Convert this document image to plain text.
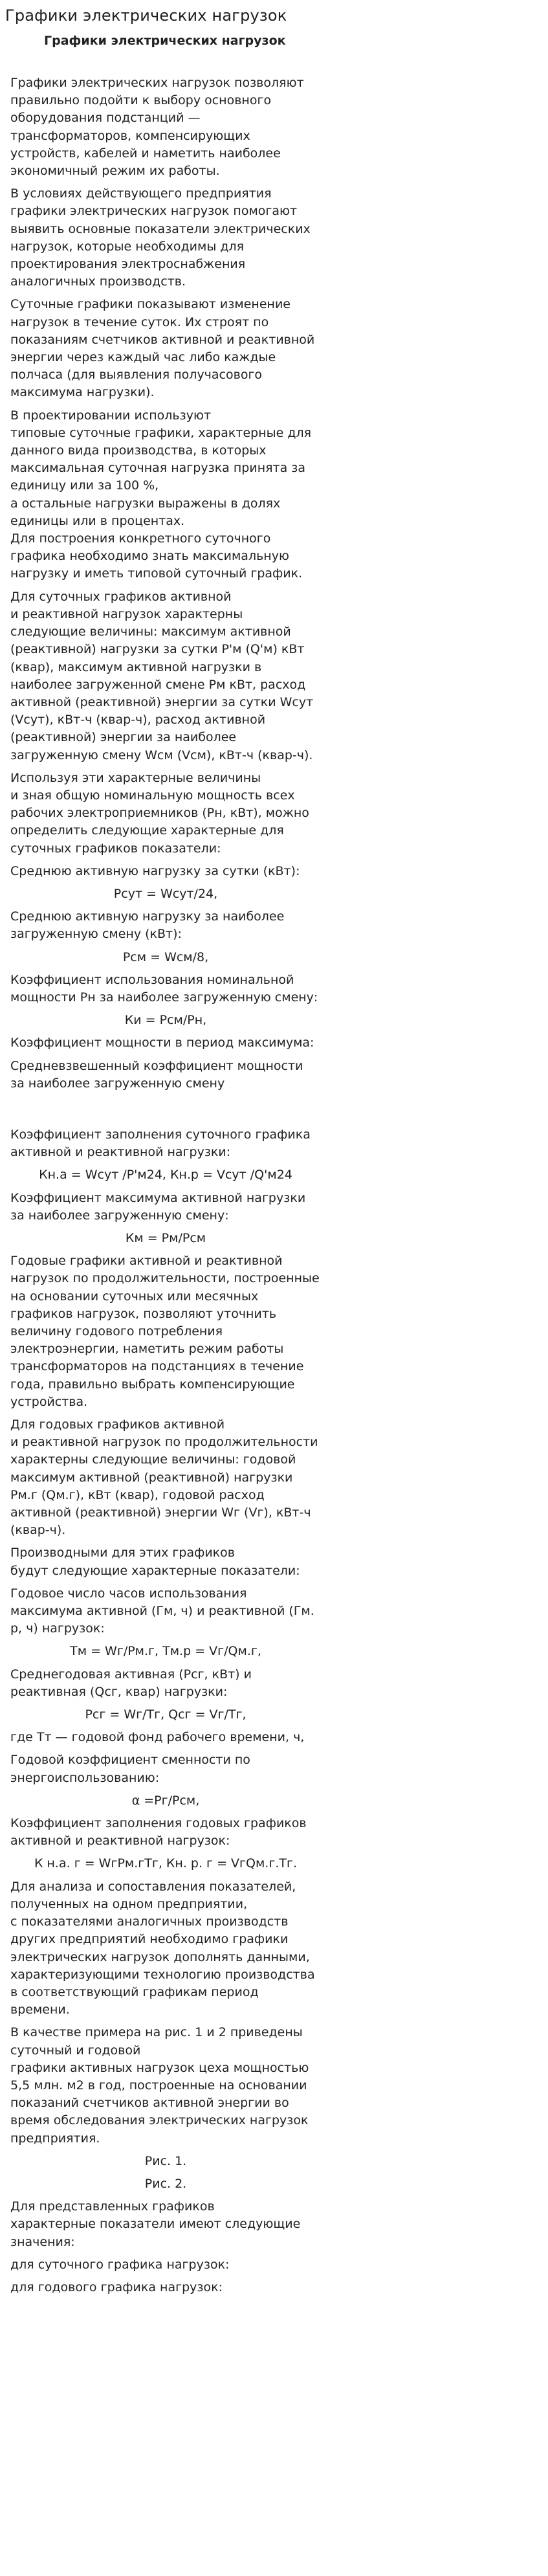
Графики электрических нагрузок
Графики электрических нагрузок

Графики электрических нагрузок позволяют правильно подойти к выбору основного оборудования подстанций — трансформаторов, компенсирующих устройств, кабелей и наметить наиболее экономичный режим их работы.

В условиях действующего предприятия графики электрических нагрузок помогают выявить основные показатели электрических нагрузок, которые необходимы для проектирования электроснабжения
аналогичных производств.

Суточные графики показывают изменение нагрузок в течение суток. Их строят по показаниям счетчиков активной и реактивной энергии через каждый час либо каждые полчаса (для выявления получасового максимума нагрузки).

В проектировании используют
типовые суточные графики, характерные для данного вида производства, в которых максимальная суточная нагрузка принята за единицу или за 100 %,
а остальные нагрузки выражены в долях единицы или в процентах.
Для построения конкретного суточного графика необходимо знать максимальную нагрузку и иметь типовой суточный график.

Для суточных графиков активной
и реактивной нагрузок характерны следующие величины: максимум активной (реактивной) нагрузки за сутки Р'м (Q'м) кВт (квар), максимум активной нагрузки в наиболее загруженной смене Рм кВт, расход активной (реактивной) энергии за сутки Wсут (Vсут), кВт-ч (квар-ч), расход активной (реактивной) энергии за наиболее загруженную смену Wсм (Vсм), кВт-ч (квар-ч).

Используя эти характерные величины
и зная общую номинальную мощность всех рабочих электроприемников (Рн, кВт), можно определить следующие характерные для суточных графиков показатели:

Среднюю активную нагрузку за сутки (кВт):

Рсут = Wсут/24,

Среднюю активную нагрузку за наиболее загруженную смену (кВт):

Рсм = Wсм/8,

Коэффициент использования номинальной мощности Рн за наиболее загруженную смену:

Ки = Рсм/Рн,

Коэффициент мощности в период максимума:

Средневзвешенный коэффициент мощности за наиболее загруженную смену

Коэффициент заполнения суточного графика активной и реактивной нагрузки:

Кн.а = Wсут /Р'м24, Кн.р = Vсут /Q'м24

Коэффициент максимума активной нагрузки за наиболее загруженную смену:

Км = Рм/Рсм

Годовые графики активной и реактивной нагрузок по продолжительности, построенные на основании суточных или месячных графиков нагрузок, позволяют уточнить величину годового потребления электроэнергии, наметить режим работы трансформаторов на подстанциях в течение года, правильно выбрать компенсирующие устройства.

Для годовых графиков активной
и реактивной нагрузок по продолжительности характерны следующие величины: годовой максимум активной (реактивной) нагрузки Рм.г (Qм.г), кВт (квар), годовой расход активной (реактивной) энергии Wг (Vг), кВт-ч (квар-ч).

Производными для этих графиков
будут следующие характерные показатели:

Годовое число часов использования максимума активной (Гм, ч) и реактивной (Гм. р, ч) нагрузок:

Тм = Wг/Рм.г, Тм.р = Vг/Qм.г,

Среднегодовая активная (Рсг, кВт) и реактивная (Qсг, квар) нагрузки:

Рсг = Wг/Тг, Qсг = Vг/Тг,

где Тт — годовой фонд рабочего времени, ч,

Годовой коэффициент сменности по энергоиспользованию:

α =Рг/Рсм,

Коэффициент заполнения годовых графиков активной и реактивной нагрузок:

К н.а. г = WгРм.гТг, Кн. р. г = VгQм.г.Тг.

Для анализа и сопоставления показателей, полученных на одном предприятии,
с показателями аналогичных производств других предприятий необходимо графики электрических нагрузок дополнять данными, характеризующими технологию производства в соответствующий графикам период времени.

В качестве примера на рис. 1 и 2 приведены суточный и годовой
графики активных нагрузок цеха мощностью 5,5 млн. м2 в год, построенные на основании показаний счетчиков активной энергии во время обследования электрических нагрузок предприятия.

Рис. 1.

Рис. 2.

Для представленных графиков
характерные показатели имеют следующие значения:

для суточного графика нагрузок:

для годового графика нагрузок:
